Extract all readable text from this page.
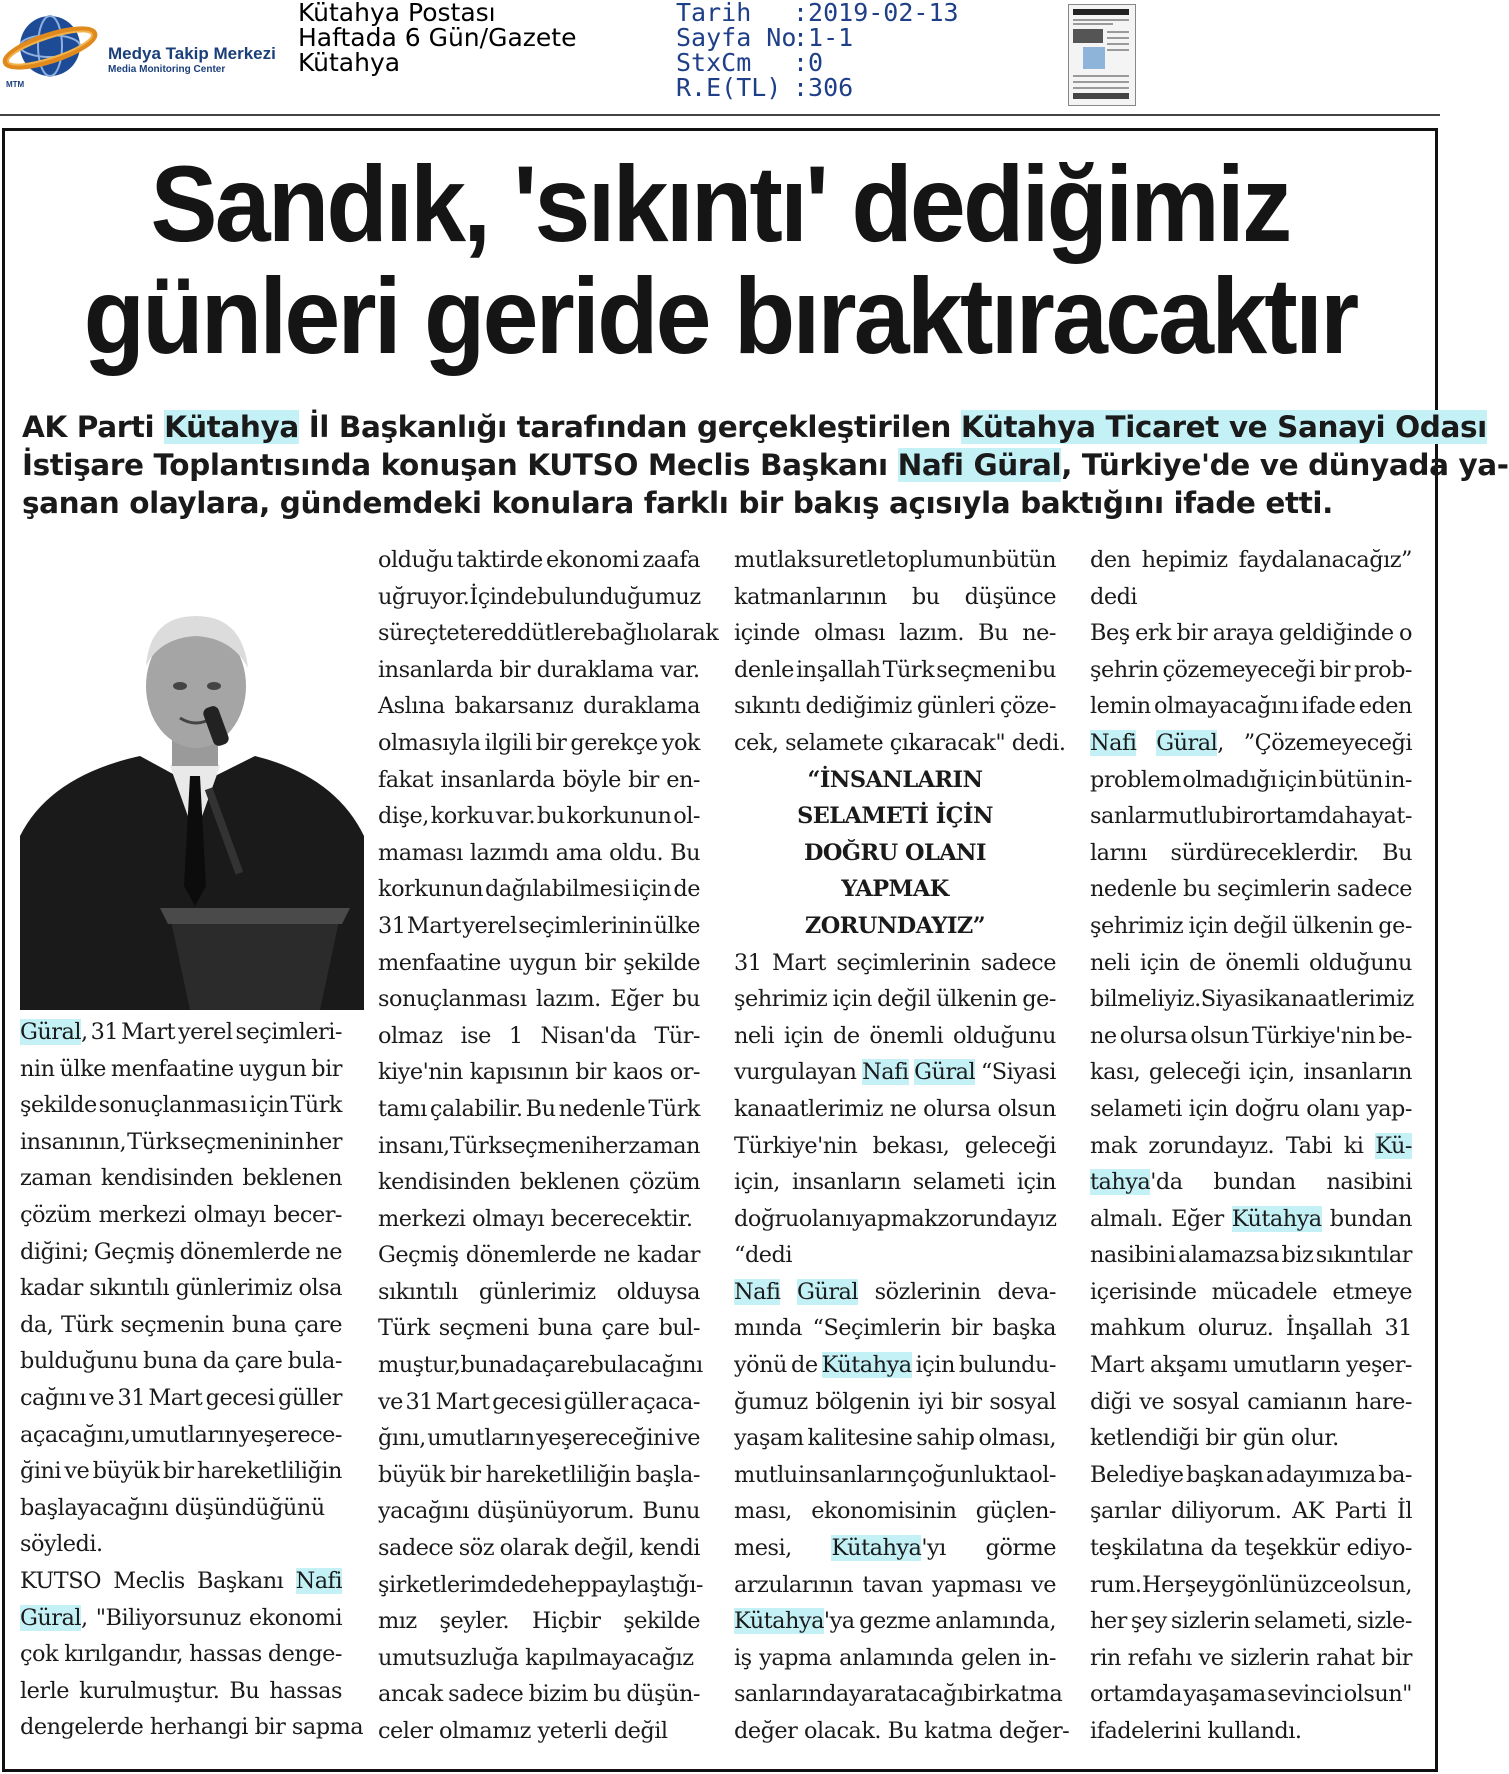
Medya Takip Merkezi
Media Monitoring Center
MTM
Kütahya Postası
Haftada 6 Gün/Gazete
Kütahya
Tarih :2019-02-13
Sayfa No:1-1
StxCm :0
R.E(TL) :306
Sandık, 'sıkıntı' dediğimiz
günleri geride bıraktıracaktır
AK Parti Kütahya İl Başkanlığı tarafından gerçekleştirilen Kütahya Ticaret ve Sanayi Odası
İstişare Toplantısında konuşan KUTSO Meclis Başkanı Nafi Güral, Türkiye'de ve dünyada ya-
şanan olaylara, gündemdeki konulara farklı bir bakış açısıyla baktığını ifade etti.
Güral, 31 Mart yerel seçimleri-
nin ülke menfaatine uygun bir
şekilde sonuçlanması için Türk
insanının, Türk seçmeninin her
zaman kendisinden beklenen
çözüm merkezi olmayı becer-
diğini; Geçmiş dönemlerde ne
kadar sıkıntılı günlerimiz olsa
da, Türk seçmenin buna çare
bulduğunu buna da çare bula-
cağını ve 31 Mart gecesi güller
açacağını, umutların yeşerece-
ğini ve büyük bir hareketliliğin
başlayacağını düşündüğünü
söyledi.
KUTSO Meclis Başkanı Nafi
Güral, "Biliyorsunuz ekonomi
çok kırılgandır, hassas denge-
lerle kurulmuştur. Bu hassas
dengelerde herhangi bir sapma
olduğu taktirde ekonomi zaafa
uğruyor. İçinde bulunduğumuz
süreçte tereddütlere bağlı olarak
insanlarda bir duraklama var.
Aslına bakarsanız duraklama
olmasıyla ilgili bir gerekçe yok
fakat insanlarda böyle bir en-
dişe, korku var. bu korkunun ol-
maması lazımdı ama oldu. Bu
korkunun dağılabilmesi için de
31 Mart yerel seçimlerinin ülke
menfaatine uygun bir şekilde
sonuçlanması lazım. Eğer bu
olmaz ise 1 Nisan'da Tür-
kiye'nin kapısının bir kaos or-
tamı çalabilir. Bu nedenle Türk
insanı, Türk seçmeni her zaman
kendisinden beklenen çözüm
merkezi olmayı becerecektir.
Geçmiş dönemlerde ne kadar
sıkıntılı günlerimiz olduysa
Türk seçmeni buna çare bul-
muştur, buna da çare bulacağını
ve 31 Mart gecesi güller açaca-
ğını, umutların yeşereceğini ve
büyük bir hareketliliğin başla-
yacağını düşünüyorum. Bunu
sadece söz olarak değil, kendi
şirketlerimde de hep paylaştığı-
mız şeyler. Hiçbir şekilde
umutsuzluğa kapılmayacağız
ancak sadece bizim bu düşün-
celer olmamız yeterli değil
mutlak suretle toplumun bütün
katmanlarının bu düşünce
içinde olması lazım. Bu ne-
denle inşallah Türk seçmeni bu
sıkıntı dediğimiz günleri çöze-
cek, selamete çıkaracak" dedi.
“İNSANLARIN
SELAMETİ İÇİN
DOĞRU OLANI
YAPMAK
ZORUNDAYIZ”
31 Mart seçimlerinin sadece
şehrimiz için değil ülkenin ge-
neli için de önemli olduğunu
vurgulayan Nafi Güral “Siyasi
kanaatlerimiz ne olursa olsun
Türkiye'nin bekası, geleceği
için, insanların selameti için
doğru olanı yapmak zorundayız
“dedi
Nafi Güral sözlerinin deva-
mında “Seçimlerin bir başka
yönü de Kütahya için bulundu-
ğumuz bölgenin iyi bir sosyal
yaşam kalitesine sahip olması,
mutlu insanların çoğunlukta ol-
ması, ekonomisinin güçlen-
mesi, Kütahya'yı görme
arzularının tavan yapması ve
Kütahya'ya gezme anlamında,
iş yapma anlamında gelen in-
sanların da yaratacağı bir katma
değer olacak. Bu katma değer-
den hepimiz faydalanacağız”
dedi
Beş erk bir araya geldiğinde o
şehrin çözemeyeceği bir prob-
lemin olmayacağını ifade eden
Nafi Güral, ”Çözemeyeceği
problem olmadığı için bütün in-
sanlar mutlu bir ortamda hayat-
larını sürdüreceklerdir. Bu
nedenle bu seçimlerin sadece
şehrimiz için değil ülkenin ge-
neli için de önemli olduğunu
bilmeliyiz. Siyasi kanaatlerimiz
ne olursa olsun Türkiye'nin be-
kası, geleceği için, insanların
selameti için doğru olanı yap-
mak zorundayız. Tabi ki Kü-
tahya'da bundan nasibini
almalı. Eğer Kütahya bundan
nasibini alamazsa biz sıkıntılar
içerisinde mücadele etmeye
mahkum oluruz. İnşallah 31
Mart akşamı umutların yeşer-
diği ve sosyal camianın hare-
ketlendiği bir gün olur.
Belediye başkan adayımıza ba-
şarılar diliyorum. AK Parti İl
teşkilatına da teşekkür ediyo-
rum. Her şey gönlünüzce olsun,
her şey sizlerin selameti, sizle-
rin refahı ve sizlerin rahat bir
ortamda yaşama sevinci olsun"
ifadelerini kullandı.
